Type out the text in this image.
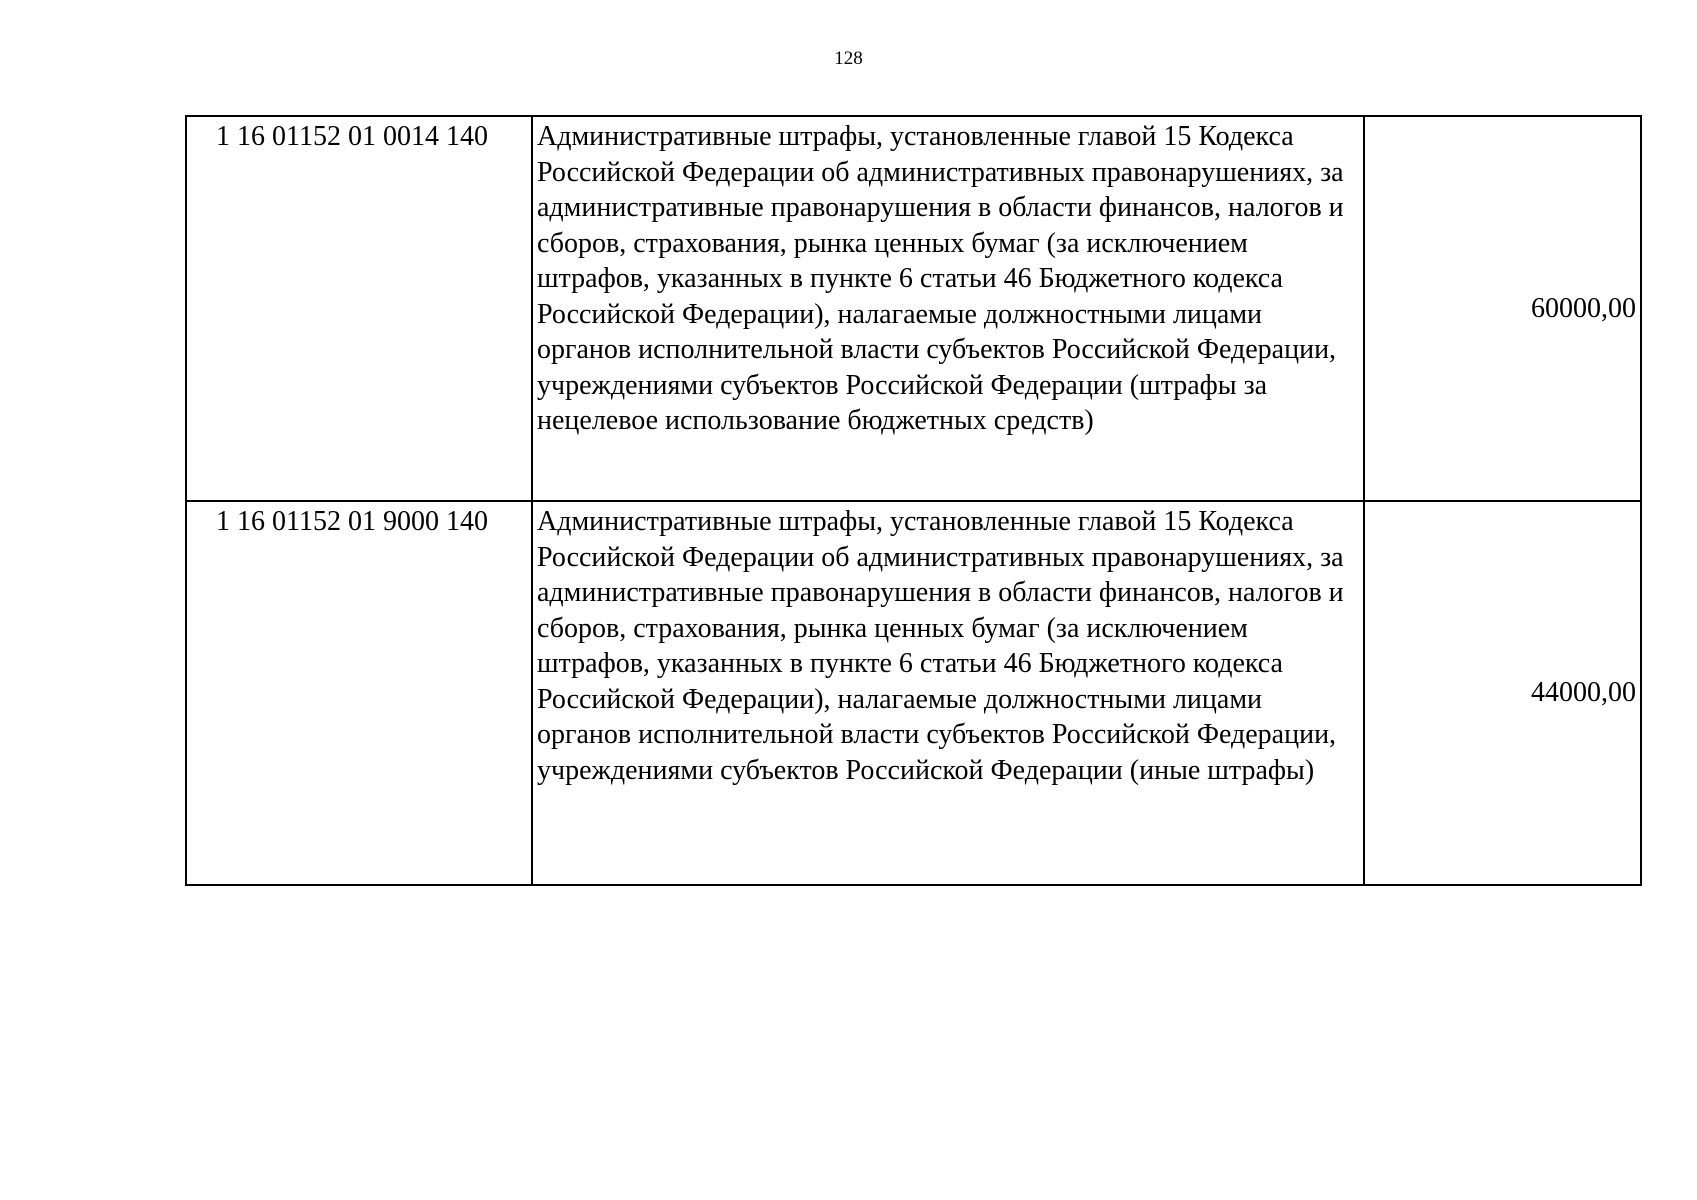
128
1 16 01152 01 0014 140	Административные штрафы, установленные главой 15 Кодекса Российской Федерации об административных правонарушениях, за административные правонарушения в области финансов, налогов и сборов, страхования, рынка ценных бумаг (за исключением штрафов, указанных в пункте 6 статьи 46 Бюджетного кодекса Российской Федерации), налагаемые должностными лицами органов исполнительной власти субъектов Российской Федерации, учреждениями субъектов Российской Федерации (штрафы за нецелевое использование бюджетных средств)	60000,00
1 16 01152 01 9000 140	Административные штрафы, установленные главой 15 Кодекса Российской Федерации об административных правонарушениях, за административные правонарушения в области финансов, налогов и сборов, страхования, рынка ценных бумаг (за исключением штрафов, указанных в пункте 6 статьи 46 Бюджетного кодекса Российской Федерации), налагаемые должностными лицами органов исполнительной власти субъектов Российской Федерации, учреждениями субъектов Российской Федерации (иные штрафы)	44000,00
